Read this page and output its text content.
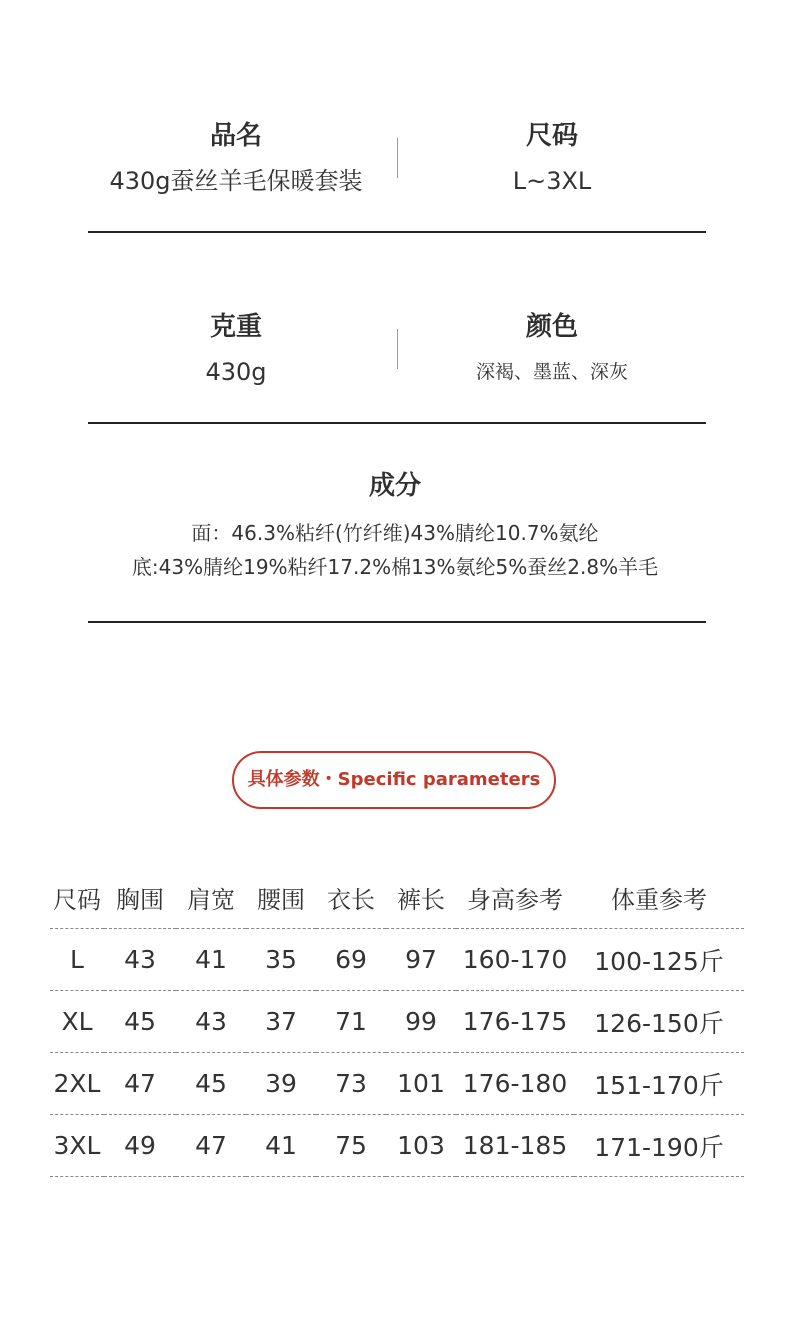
品名
430g蚕丝羊毛保暖套装
尺码
L~3XL
克重
430g
颜色
深褐、墨蓝、深灰
成分
面：46.3%粘纤(竹纤维)43%腈纶10.7%氨纶
底:43%腈纶19%粘纤17.2%棉13%氨纶5%蚕丝2.8%羊毛
具体参数・Specific parameters
尺码	胸围	肩宽	腰围	衣长	裤长	身高参考	体重参考
L	43	41	35	69	97	160-170	100-125斤
XL	45	43	37	71	99	176-175	126-150斤
2XL	47	45	39	73	101	176-180	151-170斤
3XL	49	47	41	75	103	181-185	171-190斤
